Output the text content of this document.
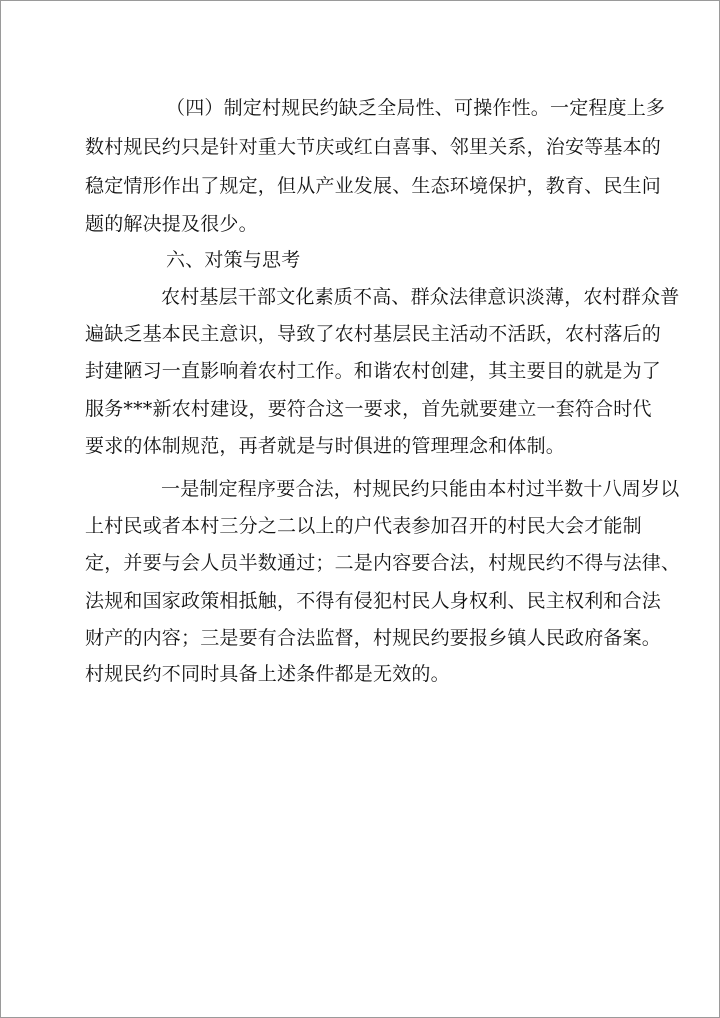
（四）制定村规民约缺乏全局性、可操作性。一定程度上多
数村规民约只是针对重大节庆或红白喜事、邻里关系，治安等基本的
稳定情形作出了规定，但从产业发展、生态环境保护，教育、民生问
题的解决提及很少。
六、对策与思考
农村基层干部文化素质不高、群众法律意识淡薄，农村群众普
遍缺乏基本民主意识，导致了农村基层民主活动不活跃，农村落后的
封建陋习一直影响着农村工作。和谐农村创建，其主要目的就是为了
服务***新农村建设，要符合这一要求，首先就要建立一套符合时代
要求的体制规范，再者就是与时俱进的管理理念和体制。
一是制定程序要合法，村规民约只能由本村过半数十八周岁以
上村民或者本村三分之二以上的户代表参加召开的村民大会才能制
定，并要与会人员半数通过；二是内容要合法，村规民约不得与法律、
法规和国家政策相抵触，不得有侵犯村民人身权利、民主权利和合法
财产的内容；三是要有合法监督，村规民约要报乡镇人民政府备案。
村规民约不同时具备上述条件都是无效的。
